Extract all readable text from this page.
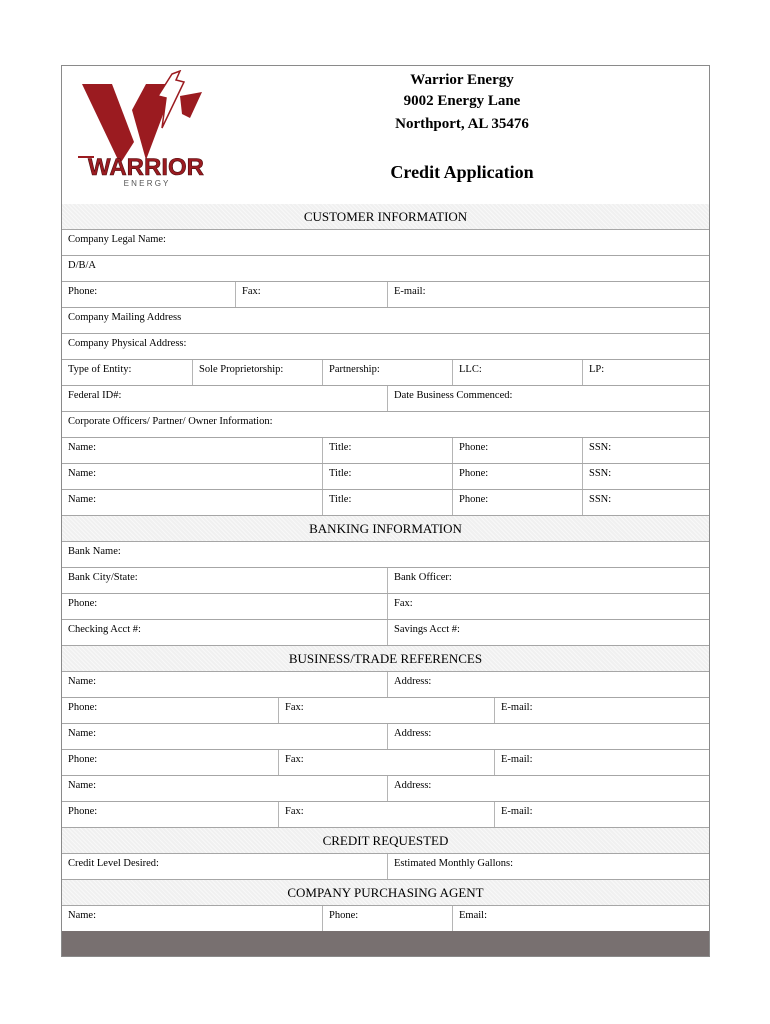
WARRIOR
E N E R G Y
Warrior Energy
9002 Energy Lane
Northport, AL 35476
Credit Application
CUSTOMER INFORMATION
Company Legal Name:
D/B/A
Phone:	Fax:	E-mail:
Company Mailing Address
Company Physical Address:
Type of Entity:	Sole Proprietorship:	Partnership:	LLC:	LP:
Federal ID#:	Date Business Commenced:
Corporate Officers/ Partner/ Owner Information:
Name:	Title:	Phone:	SSN:
Name:	Title:	Phone:	SSN:
Name:	Title:	Phone:	SSN:
BANKING INFORMATION
Bank Name:
Bank City/State:	Bank Officer:
Phone:	Fax:
Checking Acct #:	Savings Acct #:
BUSINESS/TRADE REFERENCES
Name:	Address:
Phone:	Fax:	E-mail:
Name:	Address:
Phone:	Fax:	E-mail:
Name:	Address:
Phone:	Fax:	E-mail:
CREDIT REQUESTED
Credit Level Desired:	Estimated Monthly Gallons:
COMPANY PURCHASING AGENT
Name:	Phone:	Email:
